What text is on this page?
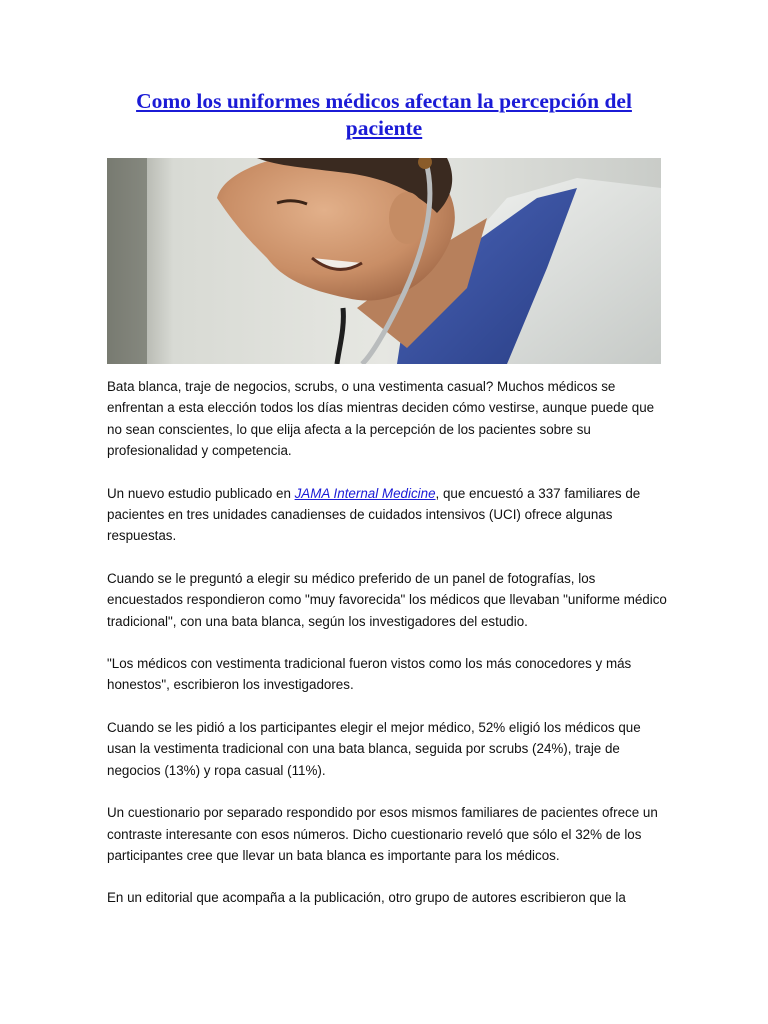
Como los uniformes médicos afectan la percepción del paciente

Bata blanca, traje de negocios, scrubs, o una vestimenta casual? Muchos médicos se enfrentan a esta elección todos los días mientras deciden cómo vestirse, aunque puede que no sean conscientes, lo que elija afecta a la percepción de los pacientes sobre su profesionalidad y competencia.

Un nuevo estudio publicado en JAMA Internal Medicine, que encuestó a 337 familiares de pacientes en tres unidades canadienses de cuidados intensivos (UCI) ofrece algunas respuestas.

Cuando se le preguntó a elegir su médico preferido de un panel de fotografías, los encuestados respondieron como "muy favorecida" los médicos que llevaban "uniforme médico tradicional", con una bata blanca, según los investigadores del estudio.

"Los médicos con vestimenta tradicional fueron vistos como los más conocedores y más honestos", escribieron los investigadores.

Cuando se les pidió a los participantes elegir el mejor médico, 52% eligió los médicos que usan la vestimenta tradicional con una bata blanca, seguida por scrubs (24%), traje de negocios (13%) y ropa casual (11%).

Un cuestionario por separado respondido por esos mismos familiares de pacientes ofrece un contraste interesante con esos números. Dicho cuestionario reveló que sólo el 32% de los participantes cree que llevar un bata blanca es importante para los médicos.

En un editorial que acompaña a la publicación, otro grupo de autores escribieron que la
